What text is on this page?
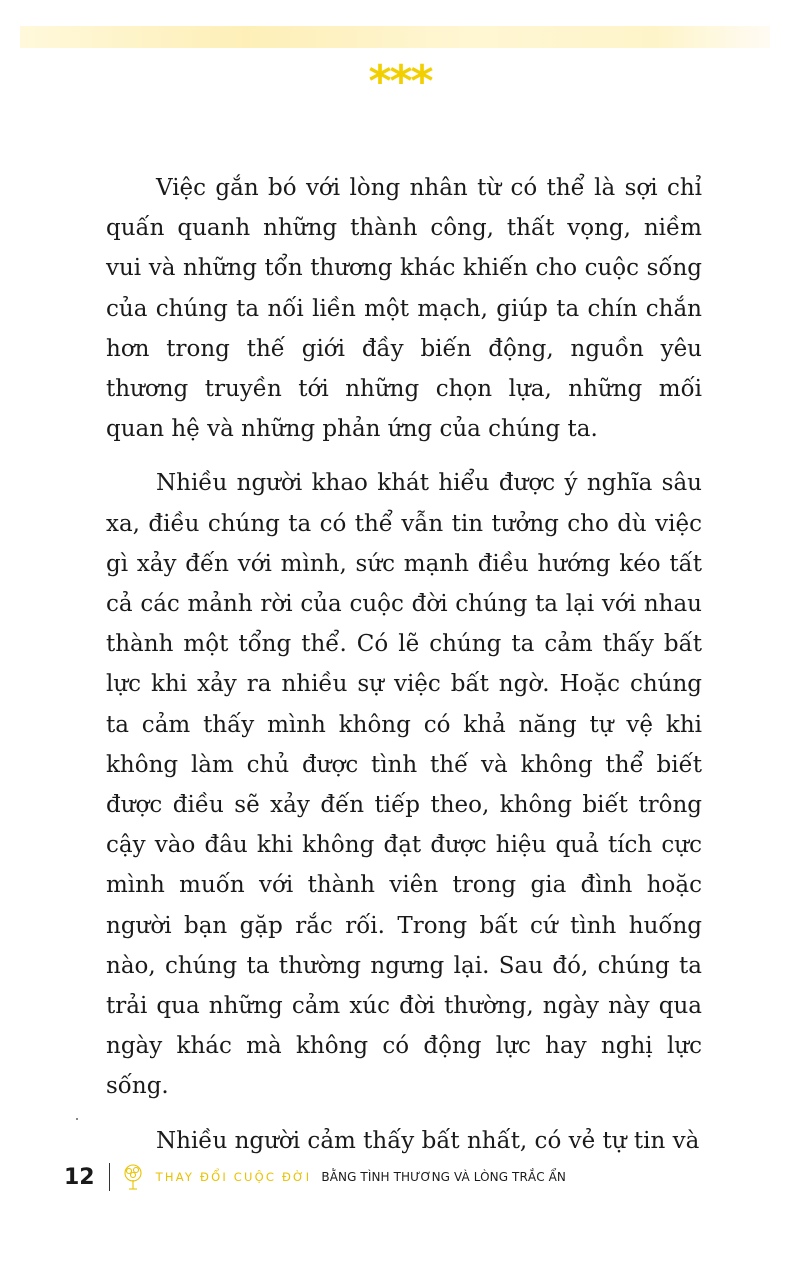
***

Việc gắn bó với lòng nhân từ có thể là sợi chỉ quấn quanh những thành công, thất vọng, niềm vui và những tổn thương khác khiến cho cuộc sống của chúng ta nối liền một mạch, giúp ta chín chắn hơn trong thế giới đầy biến động, nguồn yêu thương truyền tới những chọn lựa, những mối quan hệ và những phản ứng của chúng ta.

Nhiều người khao khát hiểu được ý nghĩa sâu xa, điều chúng ta có thể vẫn tin tưởng cho dù việc gì xảy đến với mình, sức mạnh điều hướng kéo tất cả các mảnh rời của cuộc đời chúng ta lại với nhau thành một tổng thể. Có lẽ chúng ta cảm thấy bất lực khi xảy ra nhiều sự việc bất ngờ. Hoặc chúng ta cảm thấy mình không có khả năng tự vệ khi không làm chủ được tình thế và không thể biết được điều sẽ xảy đến tiếp theo, không biết trông cậy vào đâu khi không đạt được hiệu quả tích cực mình muốn với thành viên trong gia đình hoặc người bạn gặp rắc rối. Trong bất cứ tình huống nào, chúng ta thường ngưng lại. Sau đó, chúng ta trải qua những cảm xúc đời thường, ngày này qua ngày khác mà không có động lực hay nghị lực sống.

Nhiều người cảm thấy bất nhất, có vẻ tự tin và

12	THAY ĐỔI CUỘC ĐỜI BẰNG TÌNH THƯƠNG VÀ LÒNG TRẮC ẨN
